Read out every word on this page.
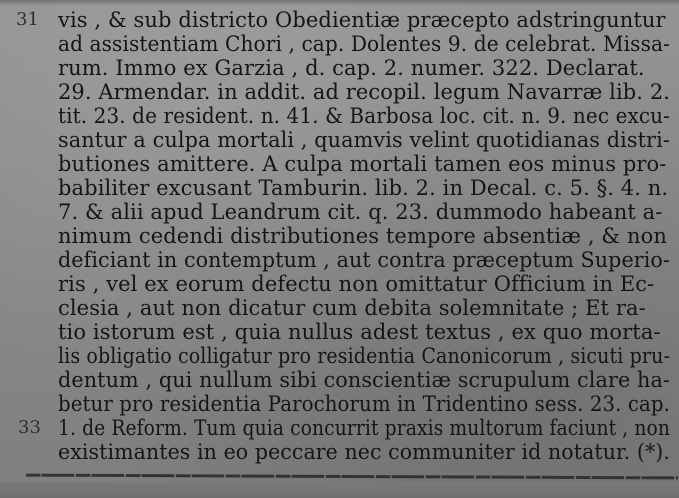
31 vis , & sub districto Obedientiæ præcepto adstringuntur
ad assistentiam Chori , cap. Dolentes 9. de celebrat. Missa-
rum. Immo ex Garzia , d. cap. 2. numer. 322. Declarat.
29. Armendar. in addit. ad recopil. legum Navarræ lib. 2.
tit. 23. de resident. n. 41. & Barbosa loc. cit. n. 9. nec excu-
santur a culpa mortali , quamvis velint quotidianas distri-
butiones amittere. A culpa mortali tamen eos minus pro-
babiliter excusant Tamburin. lib. 2. in Decal. c. 5. §. 4. n.
7. & alii apud Leandrum cit. q. 23. dummodo habeant a-
nimum cedendi distributiones tempore absentiæ , & non
deficiant in contemptum , aut contra præceptum Superio-
ris , vel ex eorum defectu non omittatur Officium in Ec-
clesia , aut non dicatur cum debita solemnitate ; Et ra-
tio istorum est , quia nullus adest textus , ex quo morta-
lis obligatio colligatur pro residentia Canonicorum , sicuti pru-
dentum , qui nullum sibi conscientiæ scrupulum clare ha-
betur pro residentia Parochorum in Tridentino sess. 23. cap.
33 1. de Reform. Tum quia concurrit praxis multorum faciunt , non
existimantes in eo peccare nec communiter id notatur. (*).
